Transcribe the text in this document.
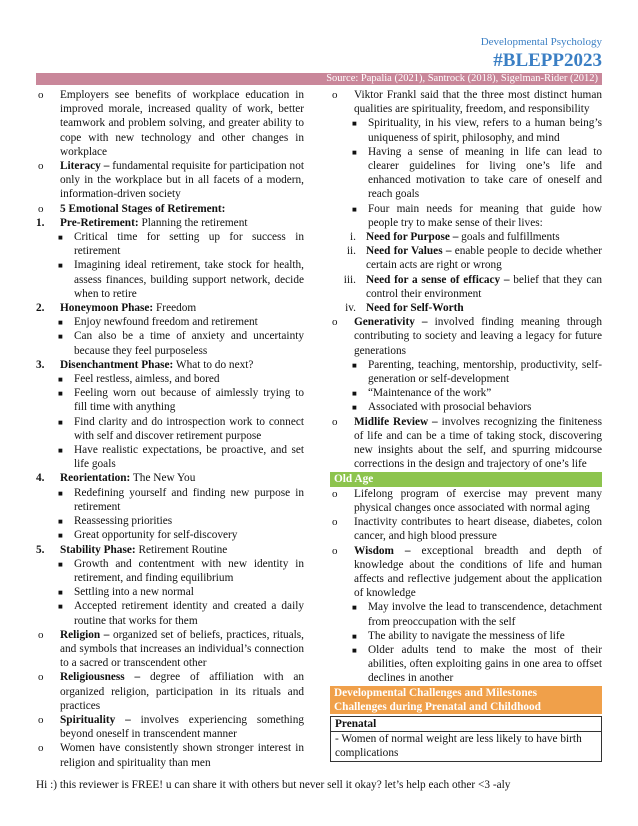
Developmental Psychology
#BLEPP2023
Source: Papalia (2021), Santrock (2018), Sigelman-Rider (2012)
o Employers see benefits of workplace education in improved morale, increased quality of work, better teamwork and problem solving, and greater ability to cope with new technology and other changes in workplace
o Literacy – fundamental requisite for participation not only in the workplace but in all facets of a modern, information-driven society
o 5 Emotional Stages of Retirement:
1. Pre-Retirement: Planning the retirement
■ Critical time for setting up for success in retirement
■ Imagining ideal retirement, take stock for health, assess finances, building support network, decide when to retire
2. Honeymoon Phase: Freedom
■ Enjoy newfound freedom and retirement
■ Can also be a time of anxiety and uncertainty because they feel purposeless
3. Disenchantment Phase: What to do next?
■ Feel restless, aimless, and bored
■ Feeling worn out because of aimlessly trying to fill time with anything
■ Find clarity and do introspection work to connect with self and discover retirement purpose
■ Have realistic expectations, be proactive, and set life goals
4. Reorientation: The New You
■ Redefining yourself and finding new purpose in retirement
■ Reassessing priorities
■ Great opportunity for self-discovery
5. Stability Phase: Retirement Routine
■ Growth and contentment with new identity in retirement, and finding equilibrium
■ Settling into a new normal
■ Accepted retirement identity and created a daily routine that works for them
o Religion – organized set of beliefs, practices, rituals, and symbols that increases an individual’s connection to a sacred or transcendent other
o Religiousness – degree of affiliation with an organized religion, participation in its rituals and practices
o Spirituality – involves experiencing something beyond oneself in transcendent manner
o Women have consistently shown stronger interest in religion and spirituality than men
o Viktor Frankl said that the three most distinct human qualities are spirituality, freedom, and responsibility
■ Spirituality, in his view, refers to a human being’s uniqueness of spirit, philosophy, and mind
■ Having a sense of meaning in life can lead to clearer guidelines for living one’s life and enhanced motivation to take care of oneself and reach goals
■ Four main needs for meaning that guide how people try to make sense of their lives:
i. Need for Purpose – goals and fulfillments
ii. Need for Values – enable people to decide whether certain acts are right or wrong
iii. Need for a sense of efficacy – belief that they can control their environment
iv. Need for Self-Worth
o Generativity – involved finding meaning through contributing to society and leaving a legacy for future generations
■ Parenting, teaching, mentorship, productivity, self-generation or self-development
■ “Maintenance of the work”
■ Associated with prosocial behaviors
o Midlife Review – involves recognizing the finiteness of life and can be a time of taking stock, discovering new insights about the self, and spurring midcourse corrections in the design and trajectory of one’s life
Old Age
o Lifelong program of exercise may prevent many physical changes once associated with normal aging
o Inactivity contributes to heart disease, diabetes, colon cancer, and high blood pressure
o Wisdom – exceptional breadth and depth of knowledge about the conditions of life and human affects and reflective judgement about the application of knowledge
■ May involve the lead to transcendence, detachment from preoccupation with the self
■ The ability to navigate the messiness of life
■ Older adults tend to make the most of their abilities, often exploiting gains in one area to offset declines in another
Developmental Challenges and Milestones
Challenges during Prenatal and Childhood
Prenatal
- Women of normal weight are less likely to have birth complications
Hi :) this reviewer is FREE! u can share it with others but never sell it okay? let’s help each other <3 -aly
